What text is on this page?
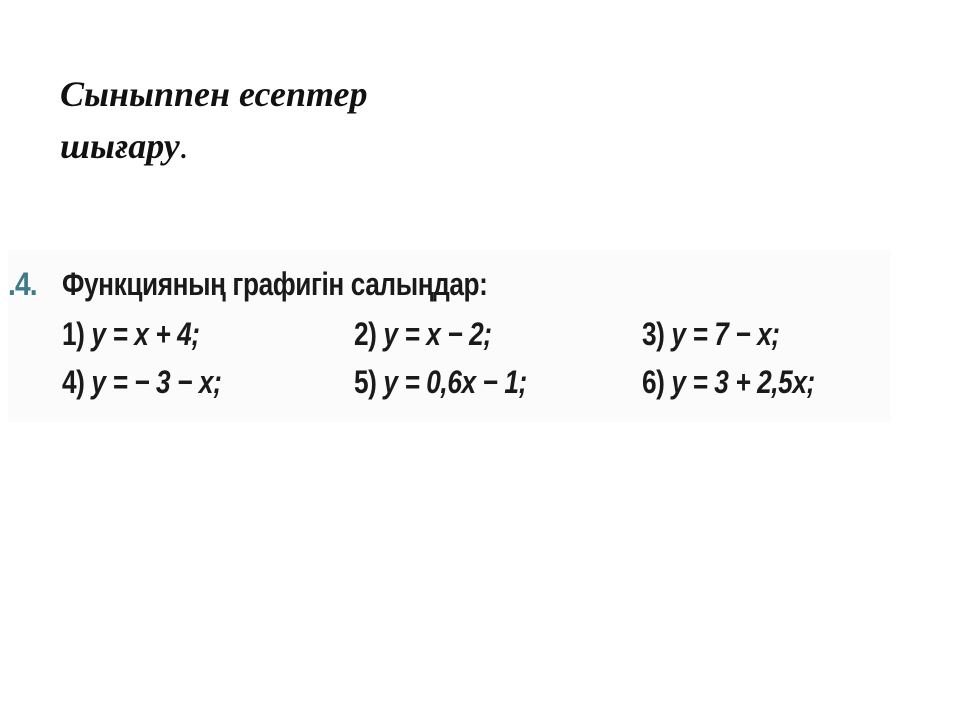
Сыныппен есептер
шығару.
.4. Функцияның графигін салыңдар:
1) y = x + 4;	2) y = x − 2;	3) y = 7 − x;
4) y = − 3 − x;	5) y = 0,6x − 1;	6) y = 3 + 2,5x;
